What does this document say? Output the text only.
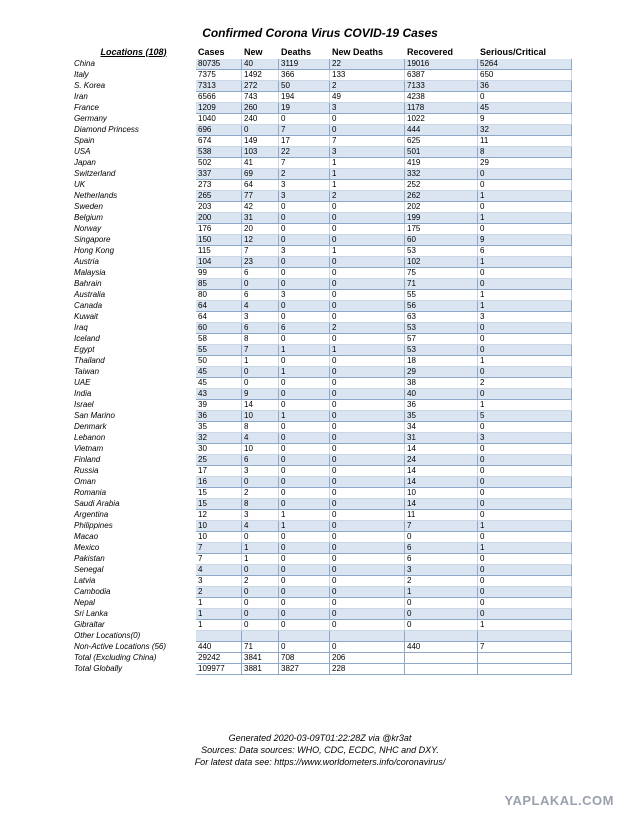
Confirmed Corona Virus COVID-19 Cases
Locations (108)	Cases	New	Deaths	New Deaths	Recovered	Serious/Critical
China	80735	40	3119	22	19016	5264
Italy	7375	1492	366	133	6387	650
S. Korea	7313	272	50	2	7133	36
Iran	6566	743	194	49	4238	0
France	1209	260	19	3	1178	45
Germany	1040	240	0	0	1022	9
Diamond Princess	696	0	7	0	444	32
Spain	674	149	17	7	625	11
USA	538	103	22	3	501	8
Japan	502	41	7	1	419	29
Switzerland	337	69	2	1	332	0
UK	273	64	3	1	252	0
Netherlands	265	77	3	2	262	1
Sweden	203	42	0	0	202	0
Belgium	200	31	0	0	199	1
Norway	176	20	0	0	175	0
Singapore	150	12	0	0	60	9
Hong Kong	115	7	3	1	53	6
Austria	104	23	0	0	102	1
Malaysia	99	6	0	0	75	0
Bahrain	85	0	0	0	71	0
Australia	80	6	3	0	55	1
Canada	64	4	0	0	56	1
Kuwait	64	3	0	0	63	3
Iraq	60	6	6	2	53	0
Iceland	58	8	0	0	57	0
Egypt	55	7	1	1	53	0
Thailand	50	1	0	0	18	1
Taiwan	45	0	1	0	29	0
UAE	45	0	0	0	38	2
India	43	9	0	0	40	0
Israel	39	14	0	0	36	1
San Marino	36	10	1	0	35	5
Denmark	35	8	0	0	34	0
Lebanon	32	4	0	0	31	3
Vietnam	30	10	0	0	14	0
Finland	25	6	0	0	24	0
Russia	17	3	0	0	14	0
Oman	16	0	0	0	14	0
Romania	15	2	0	0	10	0
Saudi Arabia	15	8	0	0	14	0
Argentina	12	3	1	0	11	0
Philippines	10	4	1	0	7	1
Macao	10	0	0	0	0	0
Mexico	7	1	0	0	6	1
Pakistan	7	1	0	0	6	0
Senegal	4	0	0	0	3	0
Latvia	3	2	0	0	2	0
Cambodia	2	0	0	0	1	0
Nepal	1	0	0	0	0	0
Sri Lanka	1	0	0	0	0	0
Gibraltar	1	0	0	0	0	1
Other Locations(0)						
Non-Active Locations (56)	440	71	0	0	440	7
Total (Excluding China)	29242	3841	708	206		
Total Globally	109977	3881	3827	228		
Generated 2020-03-09T01:22:28Z via @kr3at
Sources: Data sources: WHO, CDC, ECDC, NHC and DXY.
For latest data see: https://www.worldometers.info/coronavirus/
YAPLAKAL.COM
